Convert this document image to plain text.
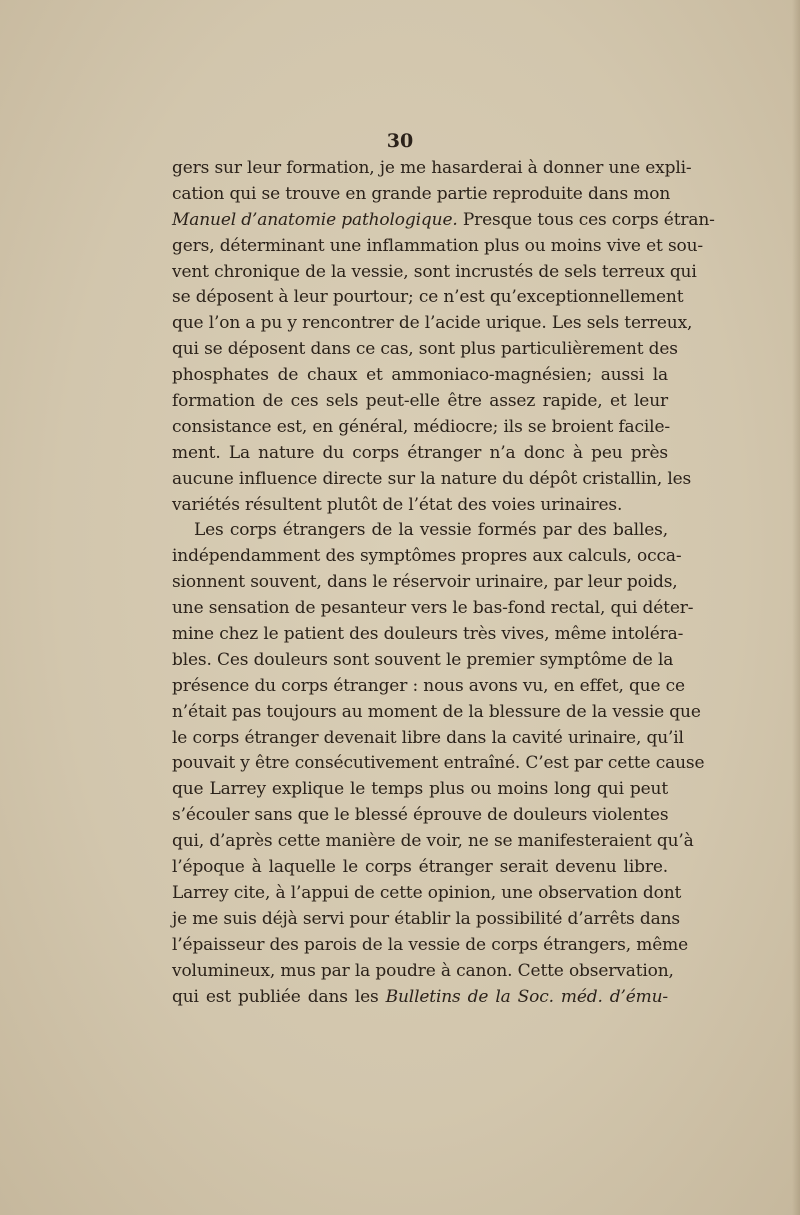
30
gers sur leur formation, je me hasarderai à donner une expli-
cation qui se trouve en grande partie reproduite dans mon
Manuel d’anatomie pathologique. Presque tous ces corps étran-
gers, déterminant une inflammation plus ou moins vive et sou-
vent chronique de la vessie, sont incrustés de sels terreux qui
se déposent à leur pourtour; ce n’est qu’exceptionnellement
que l’on a pu y rencontrer de l’acide urique. Les sels terreux,
qui se déposent dans ce cas, sont plus particulièrement des
phosphates de chaux et ammoniaco-magnésien; aussi la
formation de ces sels peut-elle être assez rapide, et leur
consistance est, en général, médiocre; ils se broient facile-
ment. La nature du corps étranger n’a donc à peu près
aucune influence directe sur la nature du dépôt cristallin, les
variétés résultent plutôt de l’état des voies urinaires.
Les corps étrangers de la vessie formés par des balles,
indépendamment des symptômes propres aux calculs, occa-
sionnent souvent, dans le réservoir urinaire, par leur poids,
une sensation de pesanteur vers le bas-fond rectal, qui déter-
mine chez le patient des douleurs très vives, même intoléra-
bles. Ces douleurs sont souvent le premier symptôme de la
présence du corps étranger : nous avons vu, en effet, que ce
n’était pas toujours au moment de la blessure de la vessie que
le corps étranger devenait libre dans la cavité urinaire, qu’il
pouvait y être consécutivement entraîné. C’est par cette cause
que Larrey explique le temps plus ou moins long qui peut
s’écouler sans que le blessé éprouve de douleurs violentes
qui, d’après cette manière de voir, ne se manifesteraient qu’à
l’époque à laquelle le corps étranger serait devenu libre.
Larrey cite, à l’appui de cette opinion, une observation dont
je me suis déjà servi pour établir la possibilité d’arrêts dans
l’épaisseur des parois de la vessie de corps étrangers, même
volumineux, mus par la poudre à canon. Cette observation,
qui est publiée dans les Bulletins de la Soc. méd. d’ému-
